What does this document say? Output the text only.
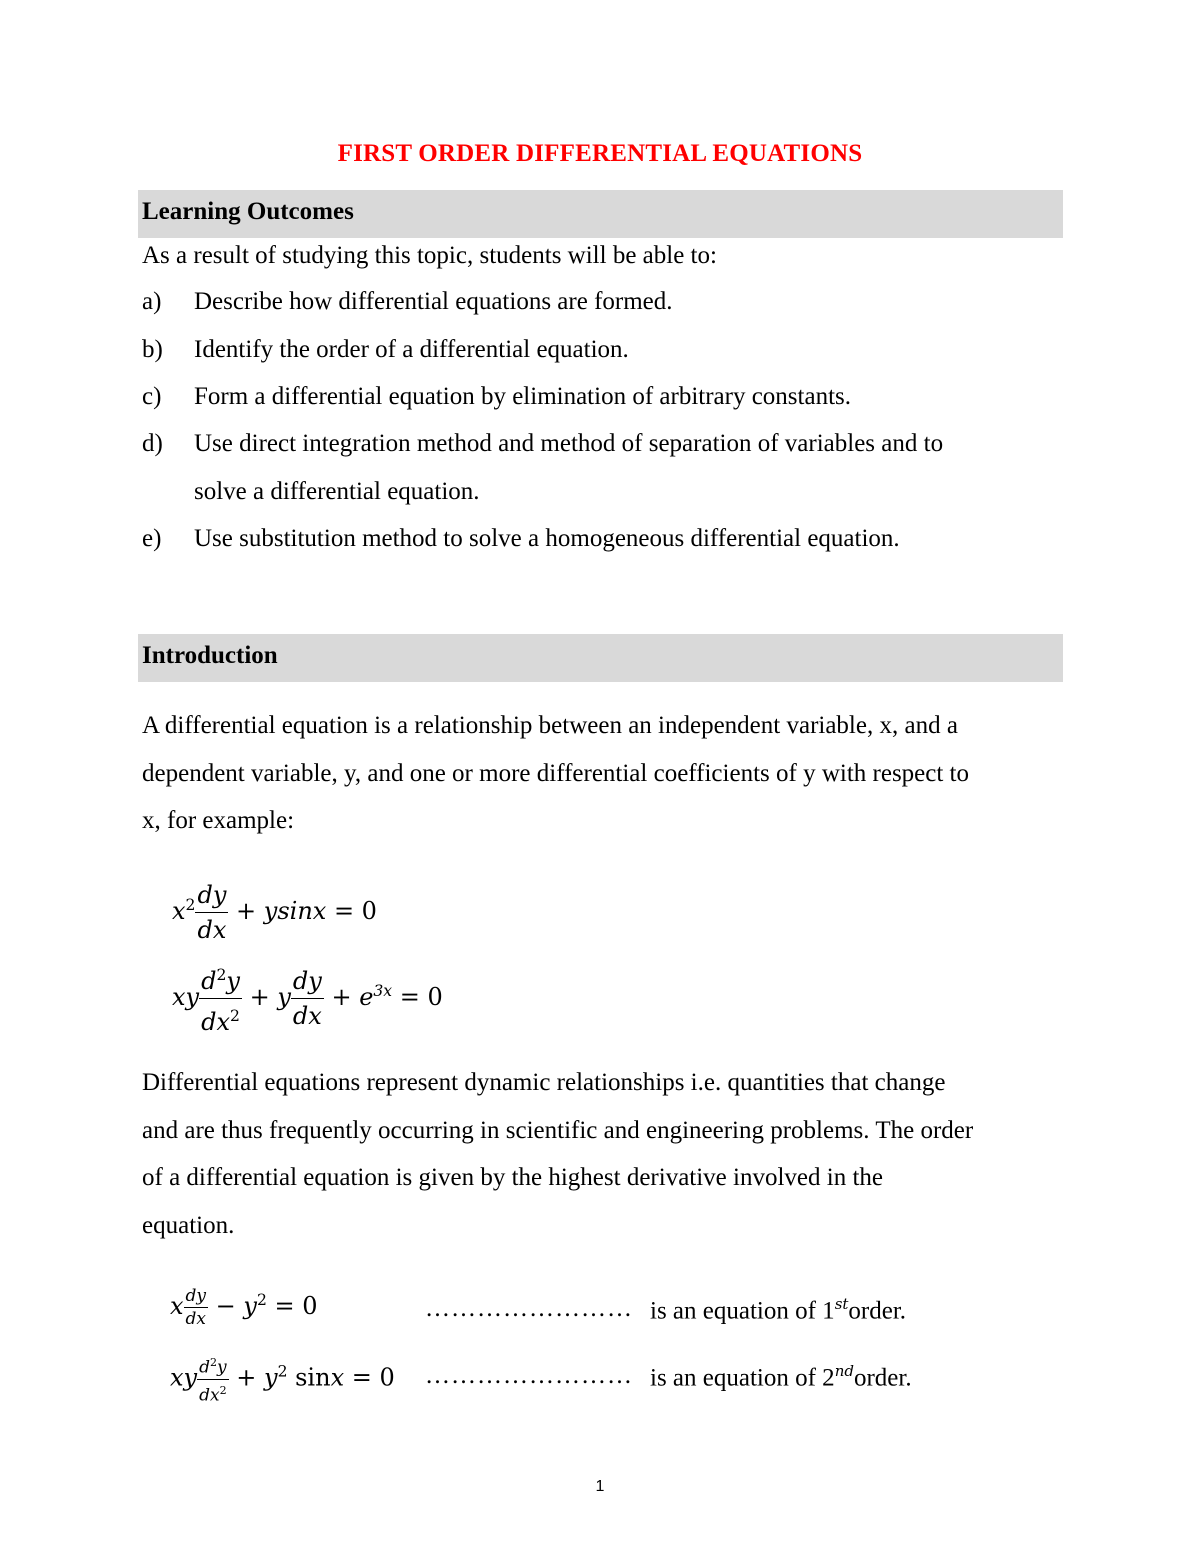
FIRST ORDER DIFFERENTIAL EQUATIONS
Learning Outcomes
As a result of studying this topic, students will be able to:
a) Describe how differential equations are formed.
b) Identify the order of a differential equation.
c) Form a differential equation by elimination of arbitrary constants.
d) Use direct integration method and method of separation of variables and to
solve a differential equation.
e) Use substitution method to solve a homogeneous differential equation.
Introduction
A differential equation is a relationship between an independent variable, x, and a
dependent variable, y, and one or more differential coefficients of y with respect to
x, for example:
$x^2 \frac{dy}{dx} + ysinx = 0$
xy $\frac{d^2y}{dx^2} + y \frac{dy}{dx} + e^{3x} = 0$
Differential equations represent dynamic relationships i.e. quantities that change
and are thus frequently occurring in scientific and engineering problems. The order
of a differential equation is given by the highest derivative involved in the
equation.
x $\frac{dy}{dx} - y^2 = 0$	…………………… is an equation of 1storder.
xy $\frac{d^2y}{dx^2} + y^2$ sinx = 0 …………………… is an equation of 2ndorder.
1
